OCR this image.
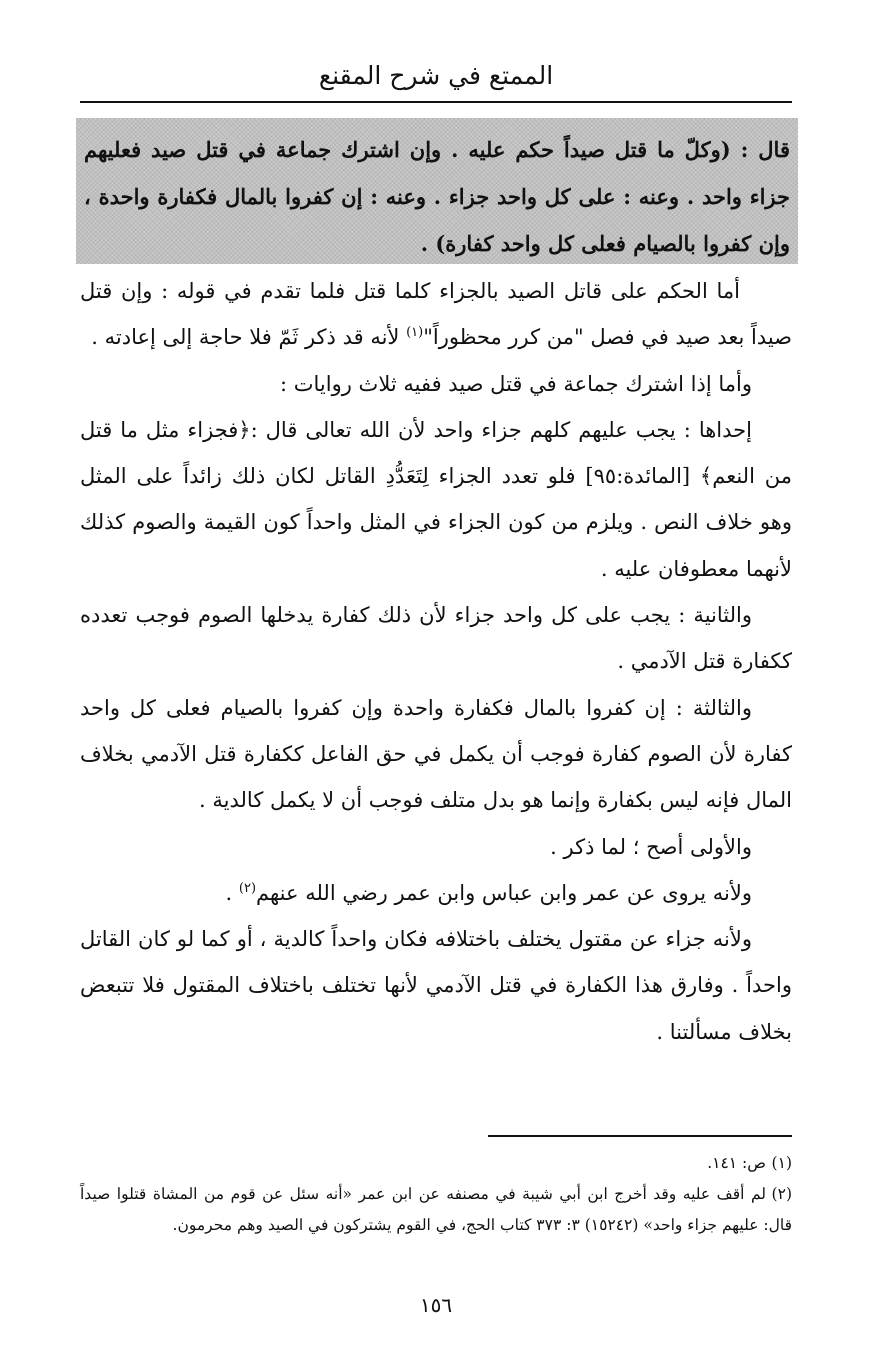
الممتع في شرح المقنع
قال : (وكلّ ما قتل صيداً حكم عليه . وإن اشترك جماعة في قتل صيد فعليهم جزاء واحد . وعنه : على كل واحد جزاء . وعنه : إن كفروا بالمال فكفارة واحدة ، وإن كفروا بالصيام فعلى كل واحد كفارة) .

أما الحكم على قاتل الصيد بالجزاء كلما قتل فلما تقدم في قوله : وإن قتل صيداً بعد صيد في فصل "من كرر محظوراً"$^{(١)}$ لأنه قد ذكر ثَمّ فلا حاجة إلى إعادته .

وأما إذا اشترك جماعة في قتل صيد ففيه ثلاث روايات :

إحداها : يجب عليهم كلهم جزاء واحد لأن الله تعالى قال :﴿فجزاء مثل ما قتل من النعم﴾ [المائدة:٩٥] فلو تعدد الجزاء لِتَعَدُّدِ القاتل لكان ذلك زائداً على المثل وهو خلاف النص . ويلزم من كون الجزاء في المثل واحداً كون القيمة والصوم كذلك لأنهما معطوفان عليه .

والثانية : يجب على كل واحد جزاء لأن ذلك كفارة يدخلها الصوم فوجب تعدده ككفارة قتل الآدمي .

والثالثة : إن كفروا بالمال فكفارة واحدة وإن كفروا بالصيام فعلى كل واحد كفارة لأن الصوم كفارة فوجب أن يكمل في حق الفاعل ككفارة قتل الآدمي بخلاف المال فإنه ليس بكفارة وإنما هو بدل متلف فوجب أن لا يكمل كالدية .

والأولى أصح ؛ لما ذكر .

ولأنه يروى عن عمر وابن عباس وابن عمر رضي الله عنهم$^{(٢)}$ .

ولأنه جزاء عن مقتول يختلف باختلافه فكان واحداً كالدية ، أو كما لو كان القاتل واحداً . وفارق هذا الكفارة في قتل الآدمي لأنها تختلف باختلاف المقتول فلا تتبعض بخلاف مسألتنا .

(١)ص: ١٤١.

(٢)لم أقف عليه وقد أخرج ابن أبي شيبة في مصنفه عن ابن عمر «أنه سئل عن قوم من المشاة قتلوا صيداً قال: عليهم جزاء واحد» (١٥٢٤٢) ٣: ٣٧٣ كتاب الحج، في القوم يشتركون في الصيد وهم محرمون.

١٥٦
